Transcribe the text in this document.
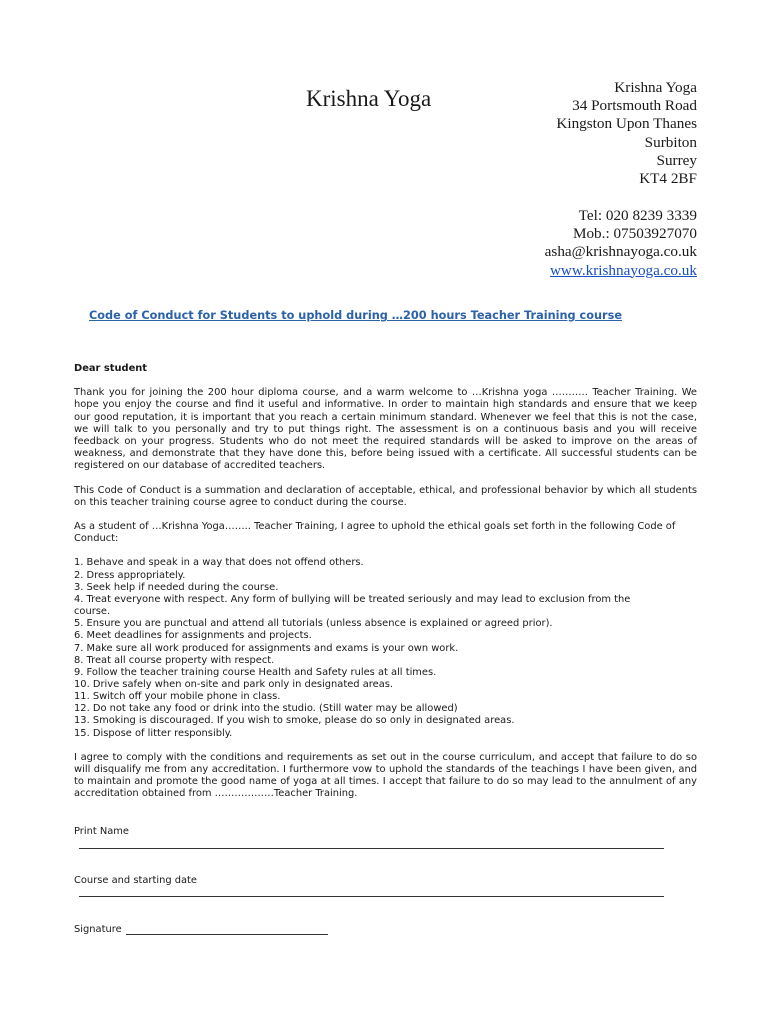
Krishna Yoga	Krishna Yoga
34 Portsmouth Road
Kingston Upon Thanes
Surbiton
Surrey
KT4 2BF
Tel: 020 8239 3339
Mob.: 07503927070
asha@krishnayoga.co.uk
www.krishnayoga.co.uk
Code of Conduct for Students to uphold during …200 hours Teacher Training course

Dear student

Thank you for joining the 200 hour diploma course, and a warm welcome to …Krishna yoga ……….. Teacher Training. We hope you enjoy the course and find it useful and informative. In order to maintain high standards and ensure that we keep our good reputation, it is important that you reach a certain minimum standard. Whenever we feel that this is not the case, we will talk to you personally and try to put things right. The assessment is on a continuous basis and you will receive feedback on your progress. Students who do not meet the required standards will be asked to improve on the areas of weakness, and demonstrate that they have done this, before being issued with a certificate. All successful students can be registered on our database of accredited teachers.

This Code of Conduct is a summation and declaration of acceptable, ethical, and professional behavior by which all students on this teacher training course agree to conduct during the course.

As a student of …Krishna Yoga…….. Teacher Training, I agree to uphold the ethical goals set forth in the following Code of Conduct:

1. Behave and speak in a way that does not offend others.
2. Dress appropriately.
3. Seek help if needed during the course.
4. Treat everyone with respect. Any form of bullying will be treated seriously and may lead to exclusion from the course.
5. Ensure you are punctual and attend all tutorials (unless absence is explained or agreed prior).
6. Meet deadlines for assignments and projects.
7. Make sure all work produced for assignments and exams is your own work.
8. Treat all course property with respect.
9. Follow the teacher training course Health and Safety rules at all times.
10. Drive safely when on-site and park only in designated areas.
11. Switch off your mobile phone in class.
12. Do not take any food or drink into the studio. (Still water may be allowed)
13. Smoking is discouraged. If you wish to smoke, please do so only in designated areas.
15. Dispose of litter responsibly.

I agree to comply with the conditions and requirements as set out in the course curriculum, and accept that failure to do so will disqualify me from any accreditation. I furthermore vow to uphold the standards of the teachings I have been given, and to maintain and promote the good name of yoga at all times. I accept that failure to do so may lead to the annulment of any accreditation obtained from ………………Teacher Training.

Print Name
Course and starting date
Signature
